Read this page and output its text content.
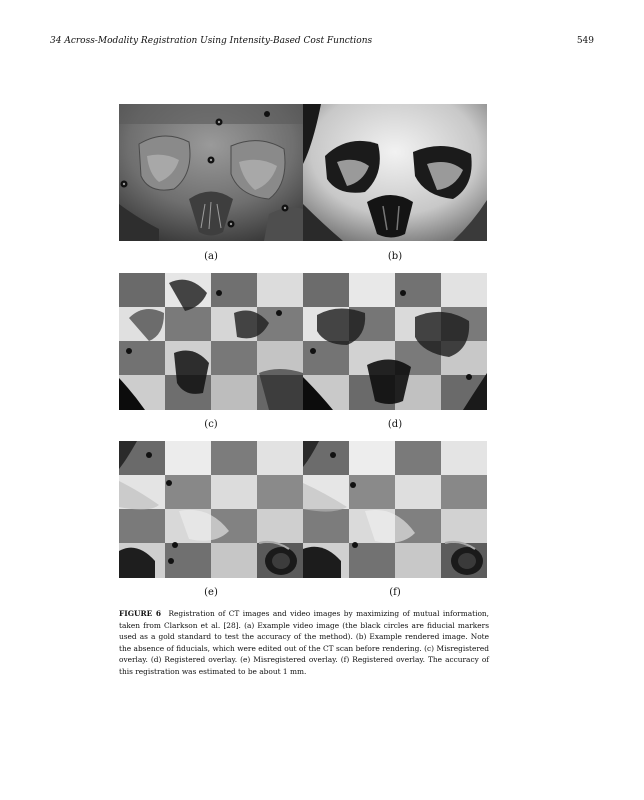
34 Across-Modality Registration Using Intensity-Based Cost Functions	549
(a)	(b)
(c)	(d)
(e)	(f)
FIGURE 6 Registration of CT images and video images by maximizing of mutual information, taken from Clarkson et al. [28]. (a) Example video image (the black circles are fiducial markers used as a gold standard to test the accuracy of the method). (b) Example rendered image. Note the absence of fiducials, which were edited out of the CT scan before rendering. (c) Misregistered overlay. (d) Registered overlay. (e) Misregistered overlay. (f) Registered overlay. The accuracy of this registration was estimated to be about 1 mm.
